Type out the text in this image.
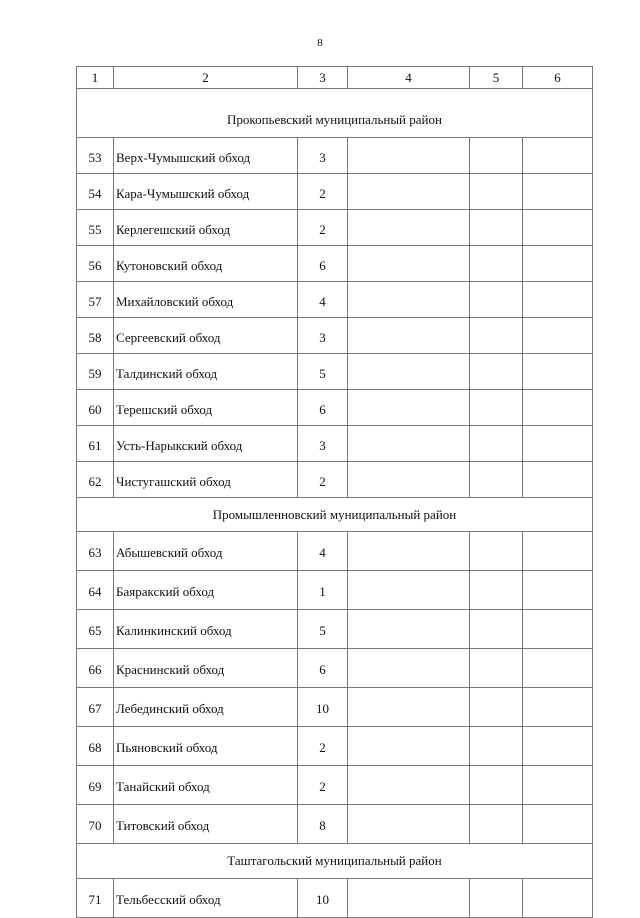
8
1	2	3	4	5	6
Прокопьевский муниципальный район					
53	Верх-Чумышский обход	3			
54	Кара-Чумышский обход	2			
55	Керлегешский обход	2			
56	Кутоновский обход	6			
57	Михайловский обход	4			
58	Сергеевский обход	3			
59	Талдинский обход	5			
60	Терешский обход	6			
61	Усть-Нарыкский обход	3			
62	Чистугашский обход	2			
Промышленновский муниципальный район					
63	Абышевский обход	4			
64	Баяракский обход	1			
65	Калинкинский обход	5			
66	Краснинский обход	6			
67	Лебединский обход	10			
68	Пьяновский обход	2			
69	Танайский обход	2			
70	Титовский обход	8			
Таштагольский муниципальный район					
71	Тельбесский обход	10			
